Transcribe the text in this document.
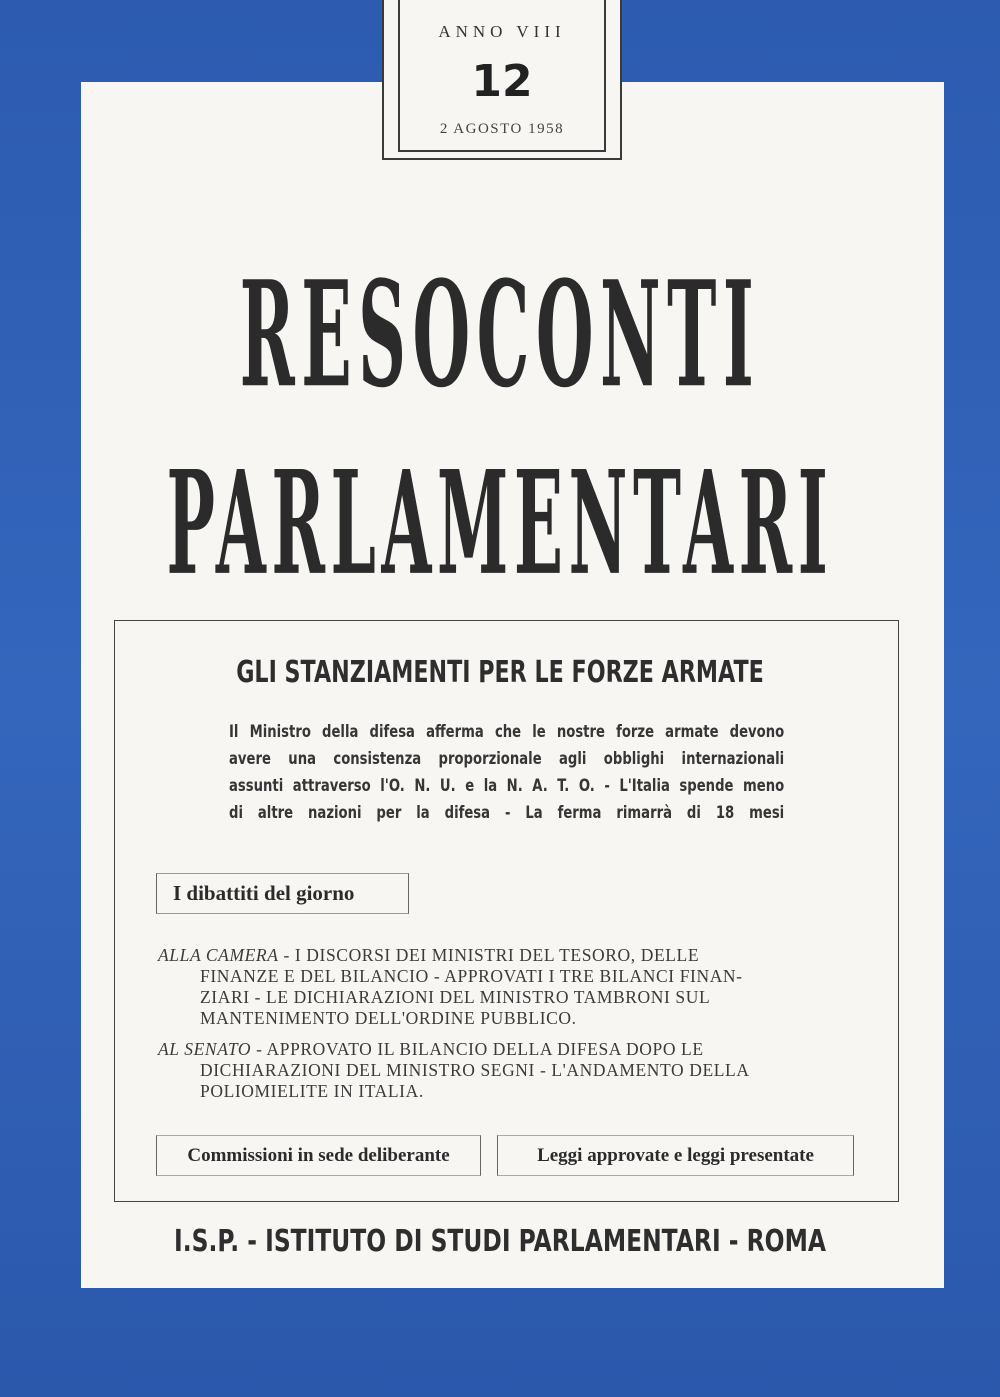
ANNO VIII
12
2 AGOSTO 1958
RESOCONTI
PARLAMENTARI
GLI STANZIAMENTI PER LE FORZE ARMATE
Il Ministro della difesa afferma che le nostre forze armate devono
avere una consistenza proporzionale agli obblighi internazionali
assunti attraverso l'O. N. U. e la N. A. T. O. - L'Italia spende meno
di altre nazioni per la difesa - La ferma rimarrà di 18 mesi
I dibattiti del giorno
ALLA CAMERA - I DISCORSI DEI MINISTRI DEL TESORO, DELLE
FINANZE E DEL BILANCIO - APPROVATI I TRE BILANCI FINAN-
ZIARI - LE DICHIARAZIONI DEL MINISTRO TAMBRONI SUL
MANTENIMENTO DELL'ORDINE PUBBLICO.
AL SENATO - APPROVATO IL BILANCIO DELLA DIFESA DOPO LE
DICHIARAZIONI DEL MINISTRO SEGNI - L'ANDAMENTO DELLA
POLIOMIELITE IN ITALIA.
Commissioni in sede deliberante	Leggi approvate e leggi presentate
I.S.P. - ISTITUTO DI STUDI PARLAMENTARI - ROMA
